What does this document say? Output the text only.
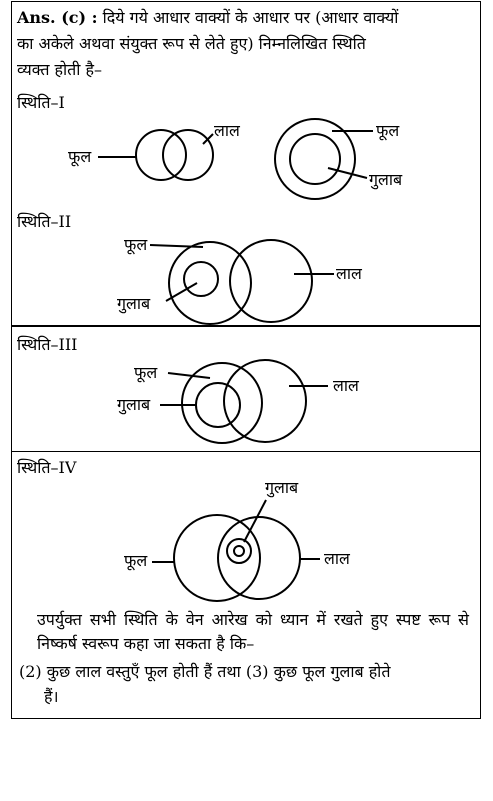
Ans. (c) : दिये गये आधार वाक्यों के आधार पर (आधार वाक्यों
का अकेले अथवा संयुक्त रूप से लेते हुए) निम्नलिखित स्थिति
व्यक्त होती है–
स्थिति–I
फूल
लाल	फूल
गुलाब
स्थिति–II
फूल
गुलाब
लाल
स्थिति–III
फूल
गुलाब
लाल
स्थिति–IV
गुलाब
फूल	लाल
उपर्युक्त सभी स्थिति के वेन आरेख को ध्यान में रखते हुए स्पष्ट रूप से निष्कर्ष स्वरूप कहा जा सकता है कि–
(2) कुछ लाल वस्तुएँ फूल होती हैं तथा (3) कुछ फूल गुलाब होते
हैं।
